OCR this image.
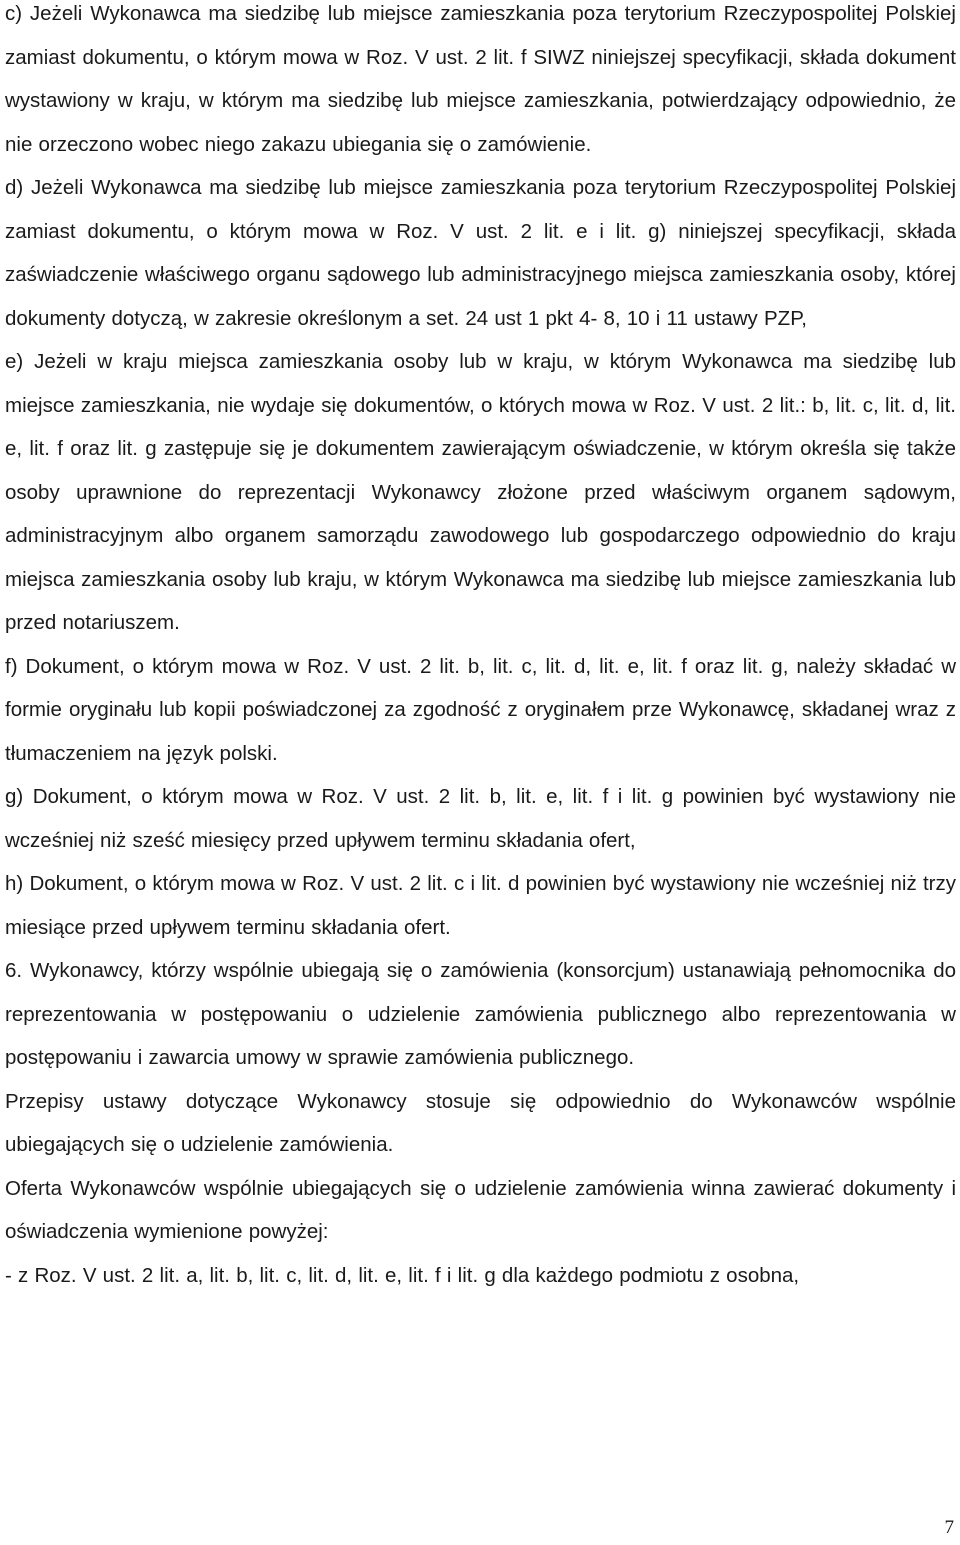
c) Jeżeli Wykonawca ma siedzibę lub miejsce zamieszkania poza terytorium Rzeczypospolitej Polskiej zamiast dokumentu, o którym mowa w Roz. V ust. 2 lit. f SIWZ niniejszej specyfikacji, składa dokument wystawiony w kraju, w którym ma siedzibę lub miejsce zamieszkania, potwierdzający odpowiednio, że nie orzeczono wobec niego zakazu ubiegania się o zamówienie.

d) Jeżeli Wykonawca ma siedzibę lub miejsce zamieszkania poza terytorium Rzeczypospolitej Polskiej zamiast dokumentu, o którym mowa w Roz. V ust. 2 lit. e i lit. g) niniejszej specyfikacji, składa zaświadczenie właściwego organu sądowego lub administracyjnego miejsca zamieszkania osoby, której dokumenty dotyczą, w zakresie określonym a set. 24 ust 1 pkt 4- 8, 10 i 11 ustawy PZP,

e) Jeżeli w kraju miejsca zamieszkania osoby lub w kraju, w którym Wykonawca ma siedzibę lub miejsce zamieszkania, nie wydaje się dokumentów, o których mowa w Roz. V ust. 2 lit.: b, lit. c, lit. d, lit. e, lit. f oraz lit. g zastępuje się je dokumentem zawierającym oświadczenie, w którym określa się także osoby uprawnione do reprezentacji Wykonawcy złożone przed właściwym organem sądowym, administracyjnym albo organem samorządu zawodowego lub gospodarczego odpowiednio do kraju miejsca zamieszkania osoby lub kraju, w którym Wykonawca ma siedzibę lub miejsce zamieszkania lub przed notariuszem.

f) Dokument, o którym mowa w Roz. V ust. 2 lit. b, lit. c, lit. d, lit. e, lit. f oraz lit. g, należy składać w formie oryginału lub kopii poświadczonej za zgodność z oryginałem prze Wykonawcę, składanej wraz z tłumaczeniem na język polski.

g) Dokument, o którym mowa w Roz. V ust. 2 lit. b, lit. e, lit. f i lit. g powinien być wystawiony nie wcześniej niż sześć miesięcy przed upływem terminu składania ofert,

h) Dokument, o którym mowa w Roz. V ust. 2 lit. c i lit. d powinien być wystawiony nie wcześniej niż trzy miesiące przed upływem terminu składania ofert.

6. Wykonawcy, którzy wspólnie ubiegają się o zamówienia (konsorcjum) ustanawiają pełnomocnika do reprezentowania w postępowaniu o udzielenie zamówienia publicznego albo reprezentowania w postępowaniu i zawarcia umowy w sprawie zamówienia publicznego.

Przepisy ustawy dotyczące Wykonawcy stosuje się odpowiednio do Wykonawców wspólnie ubiegających się o udzielenie zamówienia.

Oferta Wykonawców wspólnie ubiegających się o udzielenie zamówienia winna zawierać dokumenty i oświadczenia wymienione powyżej:

- z Roz. V ust. 2 lit. a, lit. b, lit. c, lit. d, lit. e, lit. f i lit. g dla każdego podmiotu z osobna,

7
